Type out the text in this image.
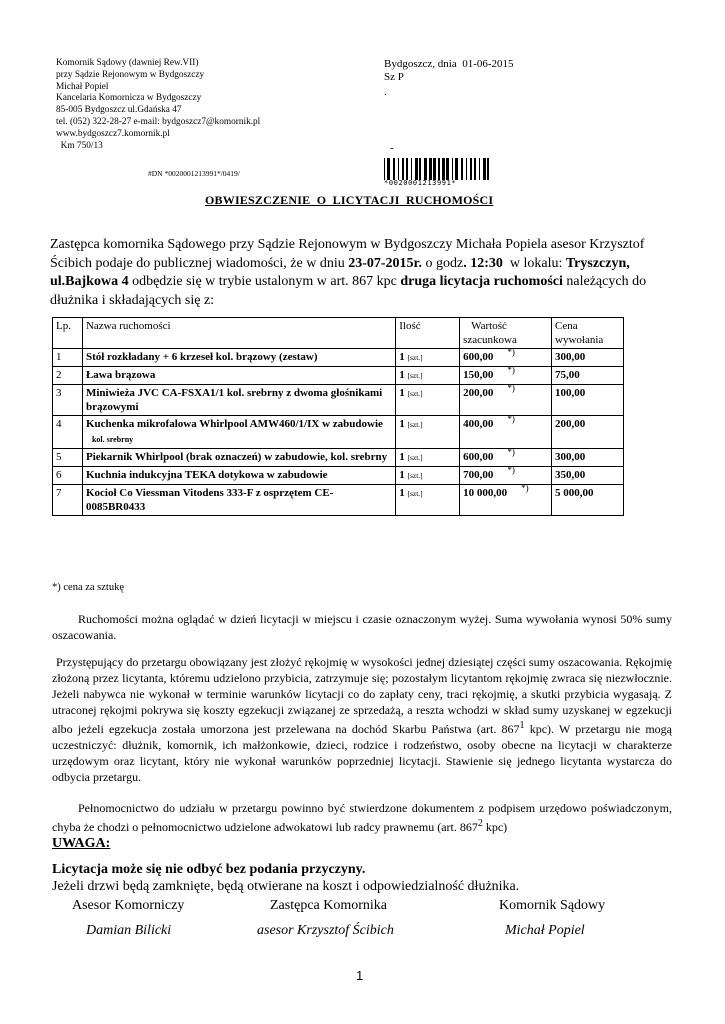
Komornik Sądowy (dawniej Rew.VII)
przy Sądzie Rejonowym w Bydgoszczy
Michał Popiel
Kancelaria Komornicza w Bydgoszczy
85-005 Bydgoszcz ul.Gdańska 47
tel. (052) 322-28-27 e-mail: bydgoszcz7@komornik.pl
www.bydgoszcz7.komornik.pl
Km 750/13
Bydgoszcz, dnia  01-06-2015
Sz P
.
-
#DN *0020001213991*/0419/
*0020001213991*
OBWIESZCZENIE  O  LICYTACJI  RUCHOMOŚCI
Zastępca komornika Sądowego przy Sądzie Rejonowym w Bydgoszczy Michała Popiela asesor Krzysztof Ścibich podaje do publicznej wiadomości, że w dniu 23-07-2015r. o godz. 12:30  w lokalu: Tryszczyn, ul.Bajkowa 4 odbędzie się w trybie ustalonym w art. 867 kpc druga licytacja ruchomości należących do dłużnika i składających się z:
Lp.	Nazwa ruchomości	Ilość	Wartość
szacunkowa	Cena
wywołania
1	Stół rozkładany + 6 krzeseł kol. brązowy (zestaw)	1 [szt.]	600,00 *)	300,00
2	Ława brązowa	1 [szt.]	150,00 *)	75,00
3	Miniwieża JVC CA-FSXA1/1 kol. srebrny z dwoma głośnikami brązowymi	1 [szt.]	200,00 *)	100,00
4	Kuchenka mikrofalowa Whirlpool AMW460/1/IX w zabudowie
kol. srebrny	1 [szt.]	400,00 *)	200,00
5	Piekarnik Whirlpool (brak oznaczeń) w zabudowie, kol. srebrny	1 [szt.]	600,00 *)	300,00
6	Kuchnia indukcyjna TEKA dotykowa w zabudowie	1 [szt.]	700,00 *)	350,00
7	Kocioł Co Viessman Vitodens 333-F z osprzętem CE-0085BR0433	1 [szt.]	10 000,00 *)	5 000,00
*) cena za sztukę
Ruchomości można oglądać w dzień licytacji w miejscu i czasie oznaczonym wyżej. Suma wywołania wynosi 50% sumy oszacowania.
Przystępujący do przetargu obowiązany jest złożyć rękojmię w wysokości jednej dziesiątej części sumy oszacowania. Rękojmię złożoną przez licytanta, któremu udzielono przybicia, zatrzymuje się; pozostałym licytantom rękojmię zwraca się niezwłocznie. Jeżeli nabywca nie wykonał w terminie warunków licytacji co do zapłaty ceny, traci rękojmię, a skutki przybicia wygasają. Z utraconej rękojmi pokrywa się koszty egzekucji związanej ze sprzedażą, a reszta wchodzi w skład sumy uzyskanej w egzekucji albo jeżeli egzekucja została umorzona jest przelewana na dochód Skarbu Państwa (art. $867^1$ kpc). W przetargu nie mogą uczestniczyć: dłużnik, komornik, ich małżonkowie, dzieci, rodzice i rodzeństwo, osoby obecne na licytacji w charakterze urzędowym oraz licytant, który nie wykonał warunków poprzedniej licytacji. Stawienie się jednego licytanta wystarcza do odbycia przetargu.
Pełnomocnictwo do udziału w przetargu powinno być stwierdzone dokumentem z podpisem urzędowo poświadczonym, chyba że chodzi o pełnomocnictwo udzielone adwokatowi lub radcy prawnemu (art. $867^2$ kpc)
UWAGA:
Licytacja może się nie odbyć bez podania przyczyny.
Jeżeli drzwi będą zamknięte, będą otwierane na koszt i odpowiedzialność dłużnika.
Asesor Komorniczy	Zastępca Komornika	Komornik Sądowy
Damian Bilicki	asesor Krzysztof Ścibich	Michał Popiel
1
